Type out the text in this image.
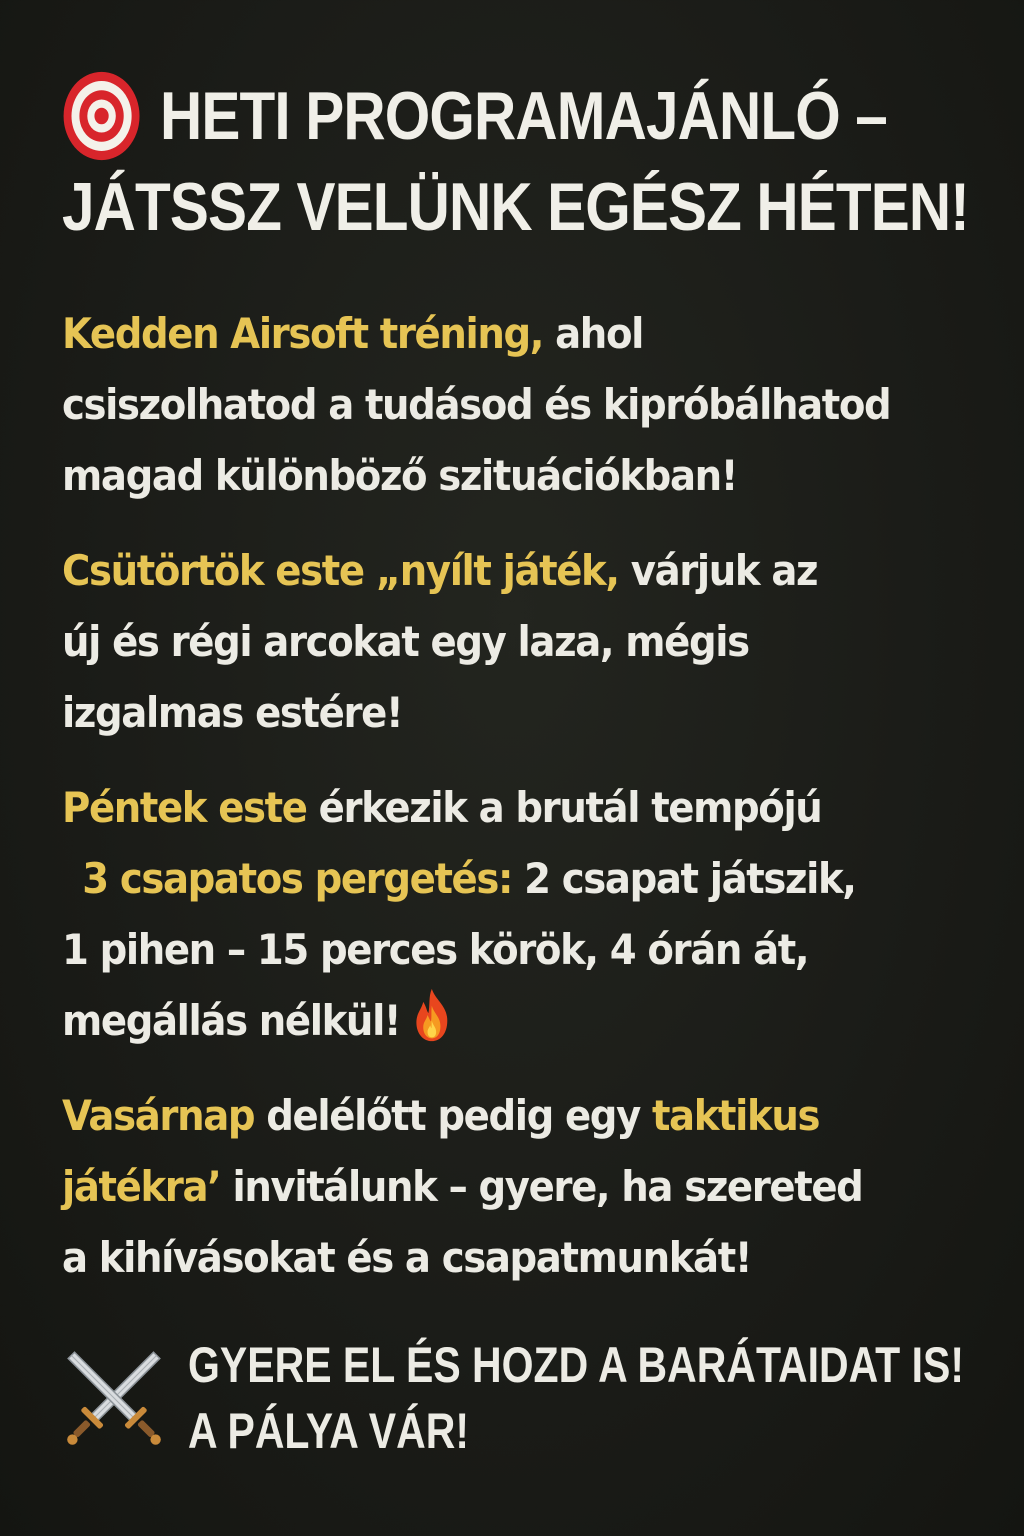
HETI PROGRAMAJÁNLÓ –
JÁTSSZ VELÜNK EGÉSZ HÉTEN!
Kedden Airsoft tréning, ahol
csiszolhatod a tudásod és kipróbálhatod
magad különböző szituációkban!
Csütörtök este „nyílt játék, várjuk az
új és régi arcokat egy laza, mégis
izgalmas estére!
Péntek este érkezik a brutál tempójú
3 csapatos pergetés: 2 csapat játszik,
1 pihen – 15 perces körök, 4 órán át,
megállás nélkül!
Vasárnap delélőtt pedig egy taktikus
játékra’ invitálunk – gyere, ha szereted
a kihívásokat és a csapatmunkát!
GYERE EL ÉS HOZD A BARÁTAIDAT IS!
A PÁLYA VÁR!
